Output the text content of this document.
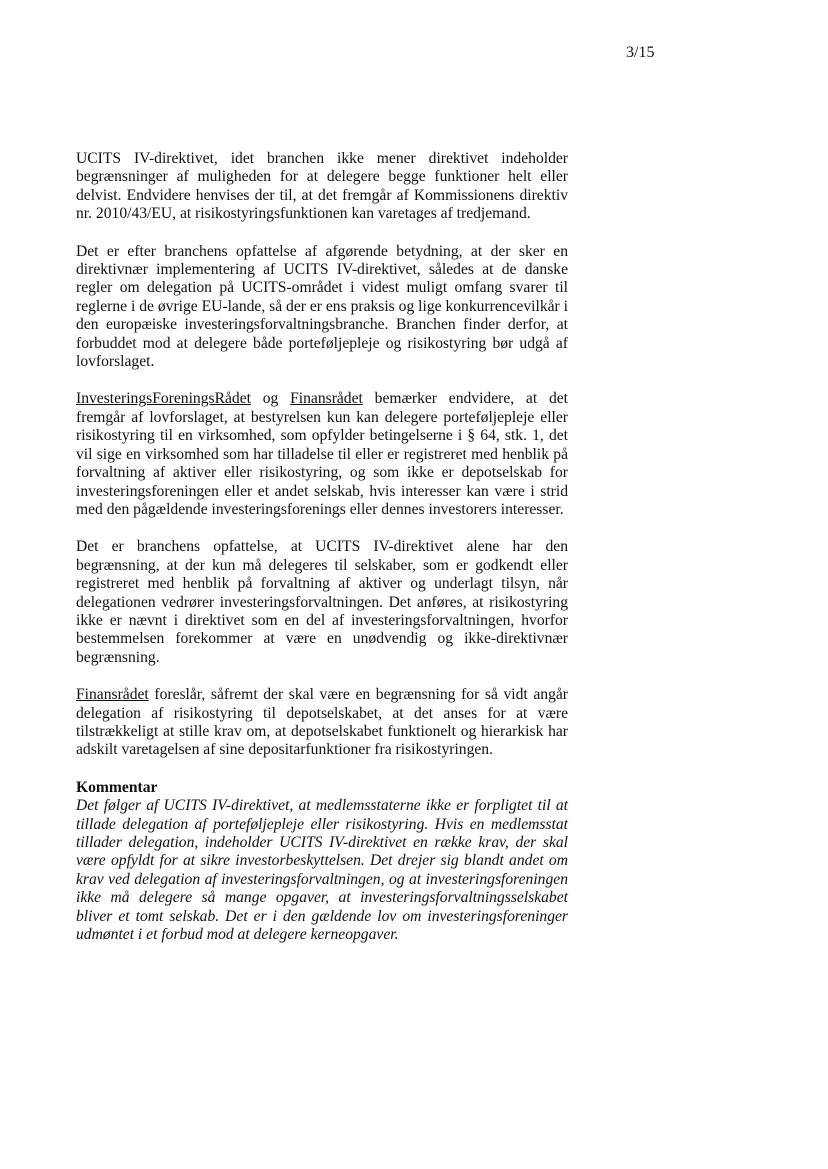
3/15

UCITS IV-direktivet, idet branchen ikke mener direktivet indeholder begrænsninger af muligheden for at delegere begge funktioner helt eller delvist. Endvidere henvises der til, at det fremgår af Kommissionens direktiv nr. 2010/43/EU, at risikostyringsfunktionen kan varetages af tredjemand.

Det er efter branchens opfattelse af afgørende betydning, at der sker en direktivnær implementering af UCITS IV-direktivet, således at de danske regler om delegation på UCITS-området i videst muligt omfang svarer til reglerne i de øvrige EU-lande, så der er ens praksis og lige konkurrencevilkår i den europæiske investeringsforvaltningsbranche. Branchen finder derfor, at forbuddet mod at delegere både porteføljepleje og risikostyring bør udgå af lovforslaget.

InvesteringsForeningsRådet og Finansrådet bemærker endvidere, at det fremgår af lovforslaget, at bestyrelsen kun kan delegere porteføljepleje eller risikostyring til en virksomhed, som opfylder betingelserne i § 64, stk. 1, det vil sige en virksomhed som har tilladelse til eller er registreret med henblik på forvaltning af aktiver eller risikostyring, og som ikke er depotselskab for investeringsforeningen eller et andet selskab, hvis interesser kan være i strid med den pågældende investeringsforenings eller dennes investorers interesser.

Det er branchens opfattelse, at UCITS IV-direktivet alene har den begrænsning, at der kun må delegeres til selskaber, som er godkendt eller registreret med henblik på forvaltning af aktiver og underlagt tilsyn, når delegationen vedrører investeringsforvaltningen. Det anføres, at risikostyring ikke er nævnt i direktivet som en del af investeringsforvaltningen, hvorfor bestemmelsen forekommer at være en unødvendig og ikke-direktivnær begrænsning.

Finansrådet foreslår, såfremt der skal være en begrænsning for så vidt angår delegation af risikostyring til depotselskabet, at det anses for at være tilstrækkeligt at stille krav om, at depotselskabet funktionelt og hierarkisk har adskilt varetagelsen af sine depositarfunktioner fra risikostyringen.

Kommentar

Det følger af UCITS IV-direktivet, at medlemsstaterne ikke er forpligtet til at tillade delegation af porteføljepleje eller risikostyring. Hvis en medlemsstat tillader delegation, indeholder UCITS IV-direktivet en række krav, der skal være opfyldt for at sikre investorbeskyttelsen. Det drejer sig blandt andet om krav ved delegation af investeringsforvaltningen, og at investeringsforeningen ikke må delegere så mange opgaver, at investeringsforvaltningsselskabet bliver et tomt selskab. Det er i den gældende lov om investeringsforeninger udmøntet i et forbud mod at delegere kerneopgaver.
